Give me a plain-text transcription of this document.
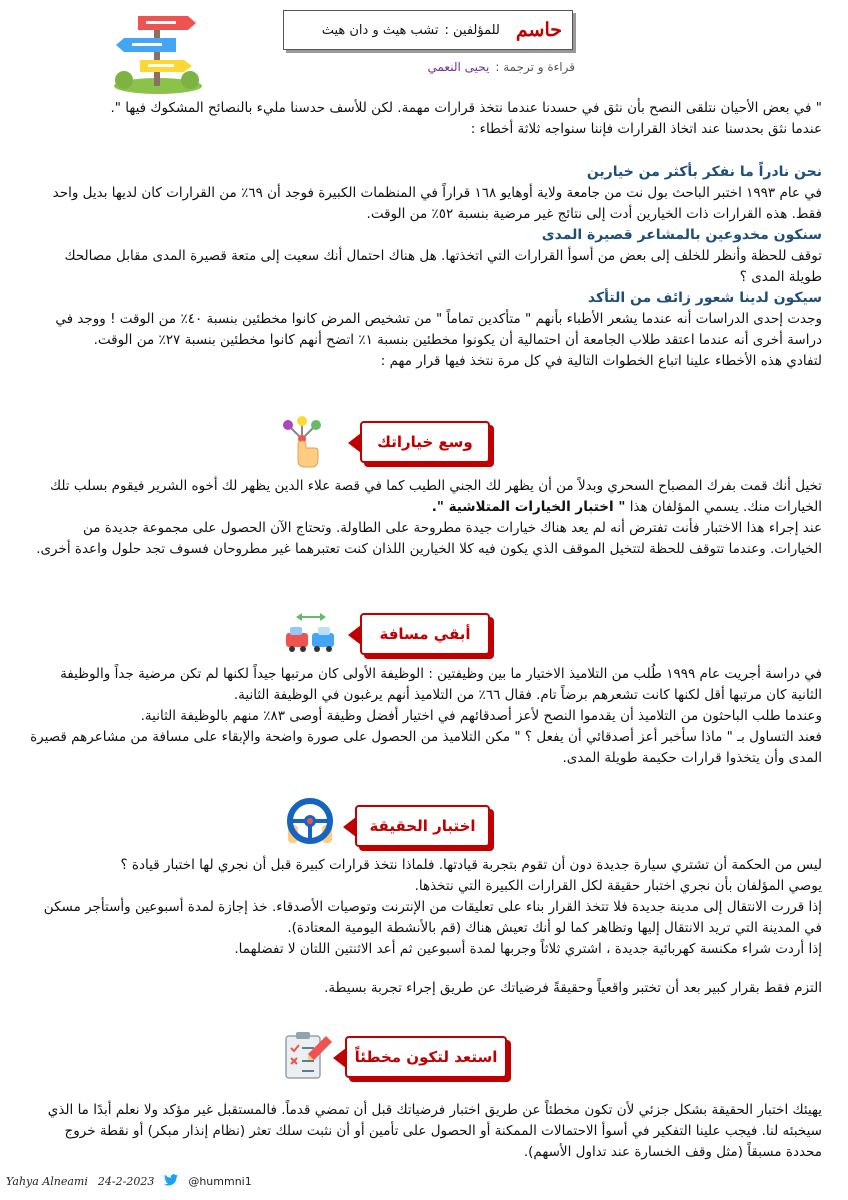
حاسم
للمؤلفين :
تشب هيث و دان هيث
قراءة و ترجمة :يحيى النعمي
" في بعض الأحيان نتلقى النصح بأن نثق في حسدنا عندما نتخذ قرارات مهمة. لكن للأسف حدسنا مليء بالنصائح المشكوك فيها ".
عندما نثق بحدسنا عند اتخاذ القرارات فإننا سنواجه ثلاثة أخطاء :
نحن نادراً ما نفكر بأكثر من خيارين
في عام ١٩٩٣ اختبر الباحث بول نت من جامعة ولاية أوهايو ١٦٨ قراراً في المنظمات الكبيرة فوجد أن ٦٩٪ من القرارات كان لديها بديل واحد فقط. هذه القرارات ذات الخيارين أدت إلى نتائج غير مرضية بنسبة ٥٢٪ من الوقت.
سنكون مخدوعين بالمشاعر قصيرة المدى
توقف للحظة وأنظر للخلف إلى بعض من أسوأ القرارات التي اتخذتها. هل هناك احتمال أنك سعيت إلى متعة قصيرة المدى مقابل مصالحك طويلة المدى ؟
سيكون لدينا شعور زائف من التأكد
وجدت إحدى الدراسات أنه عندما يشعر الأطباء بأنهم " متأكدين تماماً " من تشخيص المرض كانوا مخطئين بنسبة ٤٠٪ من الوقت ! ووجد في دراسة أخرى أنه عندما اعتقد طلاب الجامعة أن احتمالية أن يكونوا مخطئين بنسبة ١٪ اتضح أنهم كانوا مخطئين بنسبة ٢٧٪ من الوقت.
لتفادي هذه الأخطاء علينا اتباع الخطوات التالية في كل مرة نتخذ فيها قرار مهم :
وسع خياراتك
تخيل أنك قمت بفرك المصباح السحري وبدلاً من أن يظهر لك الجني الطيب كما في قصة علاء الدين يظهر لك أخوه الشرير فيقوم بسلب تلك الخيارات منك. يسمي المؤلفان هذا " اختبار الخيارات المتلاشية ".
عند إجراء هذا الاختبار فأنت تفترض أنه لم يعد هناك خيارات جيدة مطروحة على الطاولة. وتحتاج الآن الحصول على مجموعة جديدة من الخيارات. وعندما تتوقف للحظة لتتخيل الموقف الذي يكون فيه كلا الخيارين اللذان كنت تعتبرهما غير مطروحان فسوف تجد حلول واعدة أخرى.
أبقي مسافة
في دراسة أجريت عام ١٩٩٩ طُلب من التلاميذ الاختيار ما بين وظيفتين : الوظيفة الأولى كان مرتبها جيداً لكنها لم تكن مرضية جداً والوظيفة الثانية كان مرتبها أقل لكنها كانت تشعرهم برضاً تام. فقال ٦٦٪ من التلاميذ أنهم يرغبون في الوظيفة الثانية.
وعندما طلب الباحثون من التلاميذ أن يقدموا النصح لأعز أصدقائهم في اختيار أفضل وظيفة أوصى ٨٣٪ منهم بالوظيفة الثانية.
فعند التساول بـ " ماذا سأخبر أعز أصدقائي أن يفعل ؟ " مكن التلاميذ من الحصول على صورة واضحة والإبقاء على مسافة من مشاعرهم قصيرة المدى وأن يتخذوا قرارات حكيمة طويلة المدى.
اختبار الحقيقة
ليس من الحكمة أن تشتري سيارة جديدة دون أن تقوم بتجربة قيادتها. فلماذا نتخذ قرارات كبيرة قبل أن نجري لها اختبار قيادة ؟
يوصي المؤلفان بأن نجري اختبار حقيقة لكل القرارات الكبيرة التي نتخذها.
إذا قررت الانتقال إلى مدينة جديدة فلا تتخذ القرار بناء على تعليقات من الإنترنت وتوصيات الأصدقاء. خذ إجازة لمدة أسبوعين وأستأجر مسكن في المدينة التي تريد الانتقال إليها وتظاهر كما لو أنك تعيش هناك (قم بالأنشطة اليومية المعتادة).
إذا أردت شراء مكنسة كهربائية جديدة ، اشتري ثلاثاً وجربها لمدة أسبوعين ثم أعد الاثنتين اللتان لا تفضلهما.
التزم فقط بقرار كبير بعد أن تختبر واقعياً وحقيقةً فرضياتك عن طريق إجراء تجربة بسيطة.
استعد لتكون مخطئاً
يهيئك اختبار الحقيقة بشكل جزئي لأن تكون مخطئاً عن طريق اختبار فرضياتك قبل أن تمضي قدماً. فالمستقبل غير مؤكد ولا نعلم أبدًا ما الذي سيخبئه لنا. فيجب علينا التفكير في أسوأ الاحتمالات الممكنة أو الحصول على تأمين أو أن نثبت سلك تعثر (نظام إنذار مبكر) أو نقطة خروج محددة مسبقاً (مثل وقف الخسارة عند تداول الأسهم).
Yahya Alneami 24-2-2023	@hummni1
